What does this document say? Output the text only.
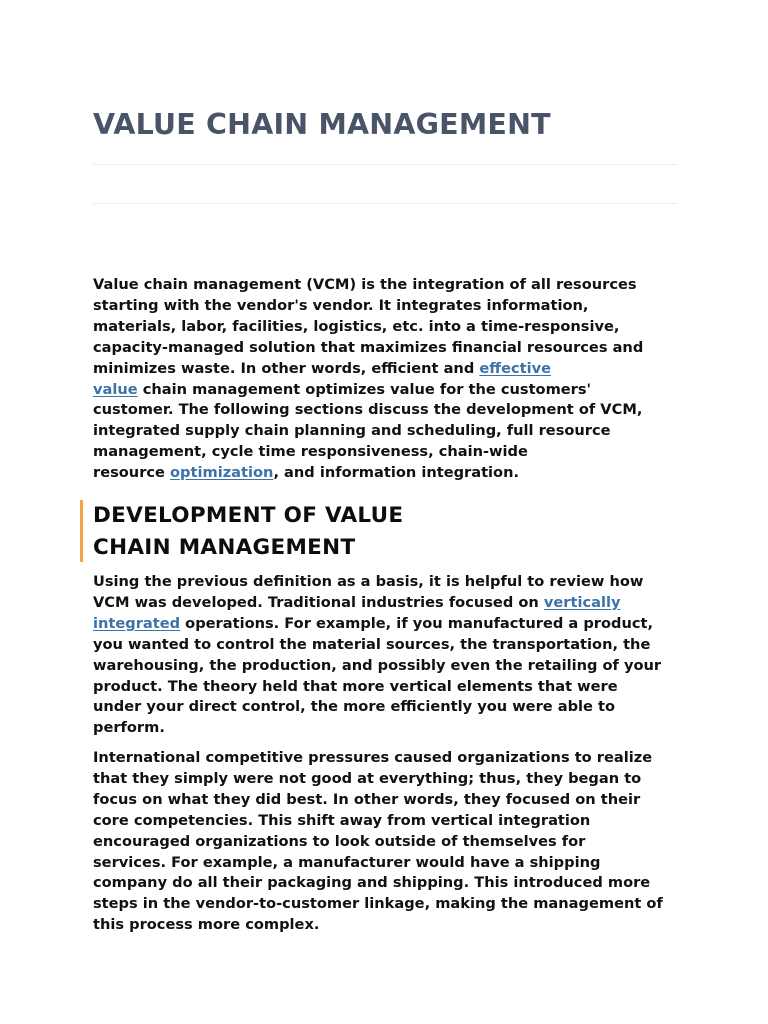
VALUE CHAIN MANAGEMENT

Value chain management (VCM) is the integration of all resources
starting with the vendor's vendor. It integrates information,
materials, labor, facilities, logistics, etc. into a time-responsive,
capacity-managed solution that maximizes financial resources and
minimizes waste. In other words, efficient and effective
value chain management optimizes value for the customers'
customer. The following sections discuss the development of VCM,
integrated supply chain planning and scheduling, full resource
management, cycle time responsiveness, chain-wide
resource optimization, and information integration.

DEVELOPMENT OF VALUE
CHAIN MANAGEMENT

Using the previous definition as a basis, it is helpful to review how
VCM was developed. Traditional industries focused on vertically
integrated operations. For example, if you manufactured a product,
you wanted to control the material sources, the transportation, the
warehousing, the production, and possibly even the retailing of your
product. The theory held that more vertical elements that were
under your direct control, the more efficiently you were able to
perform.

International competitive pressures caused organizations to realize
that they simply were not good at everything; thus, they began to
focus on what they did best. In other words, they focused on their
core competencies. This shift away from vertical integration
encouraged organizations to look outside of themselves for
services. For example, a manufacturer would have a shipping
company do all their packaging and shipping. This introduced more
steps in the vendor-to-customer linkage, making the management of
this process more complex.
